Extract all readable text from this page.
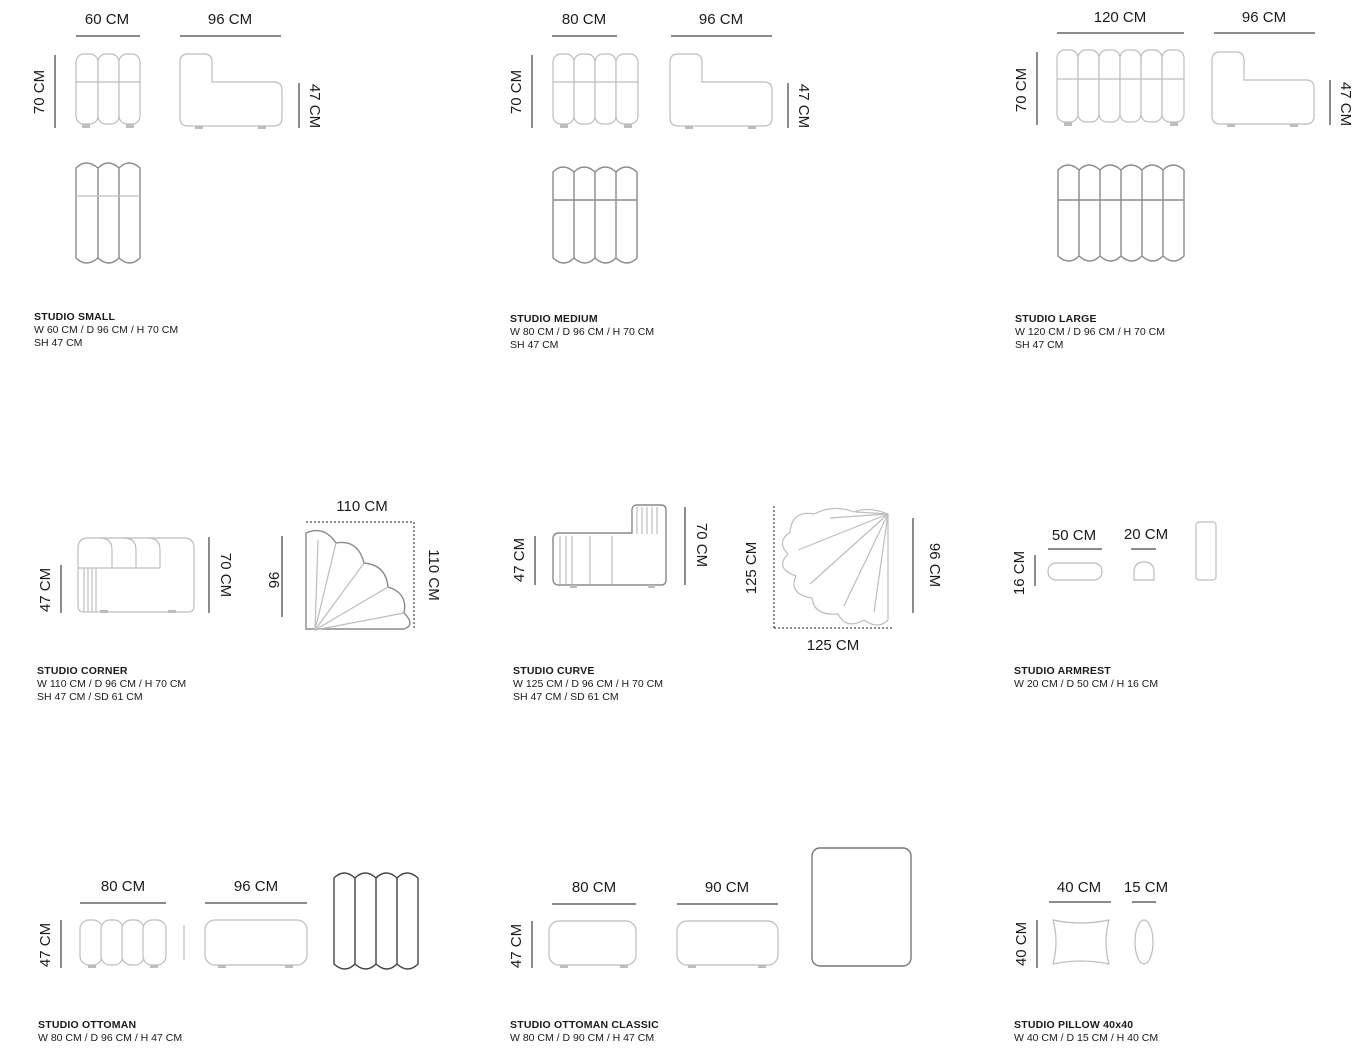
60 CM	96 CM
70 CM	47 CM
80 CM	96 CM
70 CM	47 CM
120 CM	96 CM
70 CM	47 CM
47 CM	70 CM 96
110 CM
110 CM	47 CM	70 CM 125 CM
125 CM
96 CM	16 CM
50 CM 20 CM
47 CM
80 CM	96 CM
47 CM
80 CM	90 CM
40 CM
40 CM 15 CM
STUDIO SMALL
W 60 CM / D 96 CM / H 70 CM
SH 47 CM
STUDIO MEDIUM
W 80 CM / D 96 CM / H 70 CM
SH 47 CM
STUDIO LARGE
W 120 CM / D 96 CM / H 70 CM
SH 47 CM
STUDIO CORNER
W 110 CM / D 96 CM / H 70 CM
SH 47 CM / SD 61 CM
STUDIO CURVE
W 125 CM / D 96 CM / H 70 CM
SH 47 CM / SD 61 CM
STUDIO ARMREST
W 20 CM / D 50 CM / H 16 CM
STUDIO OTTOMAN
W 80 CM / D 96 CM / H 47 CM
STUDIO OTTOMAN CLASSIC
W 80 CM / D 90 CM / H 47 CM
STUDIO PILLOW 40x40
W 40 CM / D 15 CM / H 40 CM
